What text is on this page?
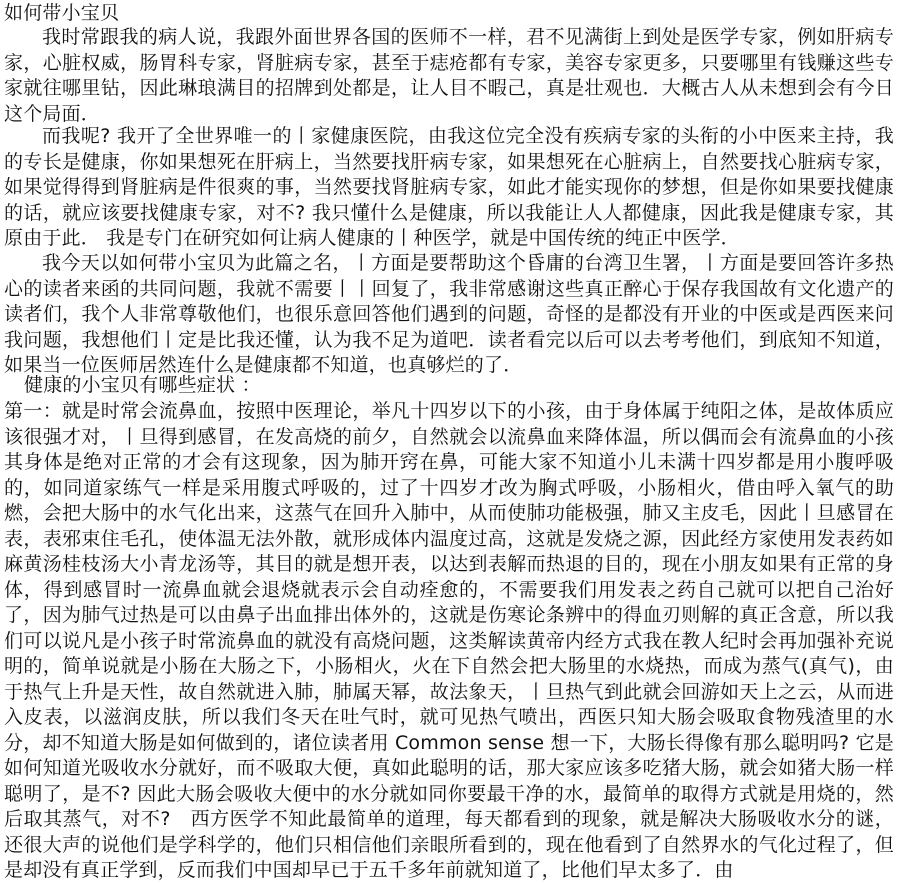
如何带小宝贝

我时常跟我的病人说，我跟外面世界各国的医师不一样，君不见满街上到处是医学专家，例如肝病专家，心脏权威，肠胃科专家，肾脏病专家，甚至于痣疮都有专家，美容专家更多，只要哪里有钱赚这些专家就往哪里钻，因此琳琅满目的招牌到处都是，让人目不暇己，真是壮观也．大概古人从未想到会有今日这个局面．

而我呢? 我开了全世界唯一的丨家健康医院，由我这位完全没有疾病专家的头衔的小中医来主持，我的专长是健康，你如果想死在肝病上，当然要找肝病专家，如果想死在心脏病上，自然要找心脏病专家，如果觉得得到肾脏病是件很爽的事，当然要找肾脏病专家，如此才能实现你的梦想，但是你如果要找健康的话，就应该要找健康专家，对不? 我只懂什么是健康，所以我能让人人都健康，因此我是健康专家，其原由于此． 我是专门在研究如何让病人健康的丨种医学，就是中国传统的纯正中医学．

我今天以如何带小宝贝为此篇之名，丨方面是要帮助这个昏庸的台湾卫生署，丨方面是要回答许多热心的读者来函的共同问题，我就不需要丨丨回复了，我非常感谢这些真正醉心于保存我国故有文化遗产的读者们，我个人非常尊敬他们，也很乐意回答他们遇到的问题，奇怪的是都没有开业的中医或是西医来问我问题，我想他们丨定是比我还懂，认为我不足为道吧．读者看完以后可以去考考他们，到底知不知道，如果当一位医师居然连什么是健康都不知道，也真够烂的了．

健康的小宝贝有哪些症状 ：

第一：就是时常会流鼻血，按照中医理论，举凡十四岁以下的小孩，由于身体属于纯阳之体，是故体质应该很强才对，丨旦得到感冒，在发高烧的前夕，自然就会以流鼻血来降体温，所以偶而会有流鼻血的小孩其身体是绝对正常的才会有这现象，因为肺开窍在鼻，可能大家不知道小儿未满十四岁都是用小腹呼吸的，如同道家练气一样是采用腹式呼吸的，过了十四岁才改为胸式呼吸，小肠相火，借由呼入氧气的助燃，会把大肠中的水气化出来，这蒸气在回升入肺中，从而使肺功能极强，肺又主皮毛，因此丨旦感冒在表，表邪束住毛孔，使体温无法外散，就形成体内温度过高，这就是发烧之源，因此经方家使用发表药如麻黄汤桂枝汤大小青龙汤等，其目的就是想开表，以达到表解而热退的目的，现在小朋友如果有正常的身体，得到感冒时一流鼻血就会退烧就表示会自动痊愈的，不需要我们用发表之药自己就可以把自己治好了，因为肺气过热是可以由鼻子出血排出体外的，这就是伤寒论条辨中的得血刃则解的真正含意，所以我们可以说凡是小孩子时常流鼻血的就没有高烧问题，这类解读黄帝内经方式我在教人纪时会再加强补充说明的，简单说就是小肠在大肠之下，小肠相火，火在下自然会把大肠里的水烧热，而成为蒸气(真气)，由于热气上升是天性，故自然就进入肺，肺属天幂，故法象天，丨旦热气到此就会回游如天上之云，从而进入皮表，以滋润皮肤，所以我们冬天在吐气时，就可见热气喷出，西医只知大肠会吸取食物残渣里的水分，却不知道大肠是如何做到的，诸位读者用 Common sense 想一下，大肠长得像有那么聪明吗? 它是如何知道光吸收水分就好，而不吸取大便，真如此聪明的话，那大家应该多吃猪大肠，就会如猪大肠一样聪明了，是不? 因此大肠会吸收大便中的水分就如同你要最干净的水，最简单的取得方式就是用烧的，然后取其蒸气，对不?　西方医学不知此最简单的道理，每天都看到的现象，就是解决大肠吸收水分的谜，还很大声的说他们是学科学的，他们只相信他们亲眼所看到的，现在他看到了自然界水的气化过程了，但是却没有真正学到，反而我们中国却早已于五千多年前就知道了，比他们早太多了．由
